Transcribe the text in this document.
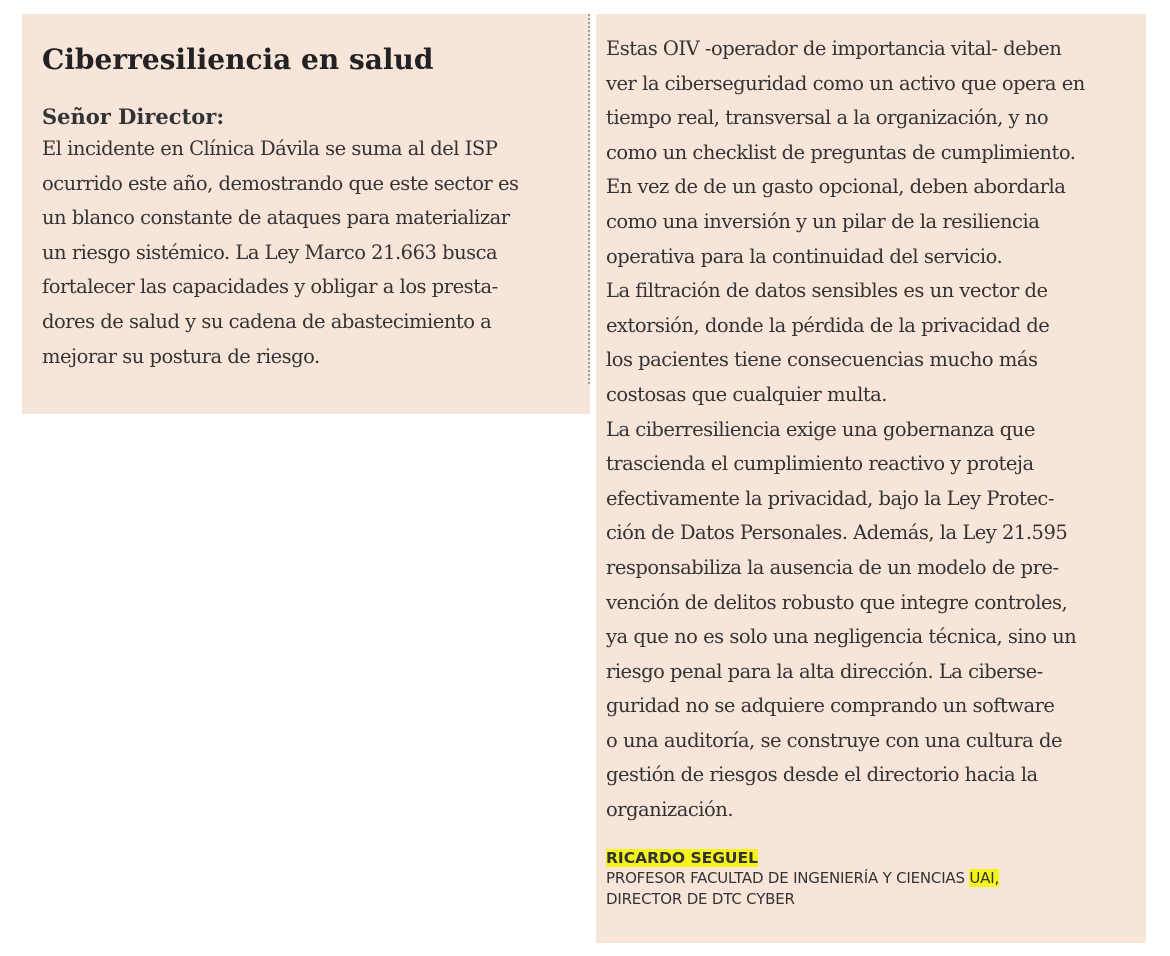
Ciberresiliencia en salud

Señor Director:

El incidente en Clínica Dávila se suma al del ISP
ocurrido este año, demostrando que este sector es
un blanco constante de ataques para materializar
un riesgo sistémico. La Ley Marco 21.663 busca
fortalecer las capacidades y obligar a los presta-
dores de salud y su cadena de abastecimiento a
mejorar su postura de riesgo.

Estas OIV -operador de importancia vital- deben
ver la ciberseguridad como un activo que opera en
tiempo real, transversal a la organización, y no
como un checklist de preguntas de cumplimiento.
En vez de de un gasto opcional, deben abordarla
como una inversión y un pilar de la resiliencia
operativa para la continuidad del servicio.
La filtración de datos sensibles es un vector de
extorsión, donde la pérdida de la privacidad de
los pacientes tiene consecuencias mucho más
costosas que cualquier multa.
La ciberresiliencia exige una gobernanza que
trascienda el cumplimiento reactivo y proteja
efectivamente la privacidad, bajo la Ley Protec-
ción de Datos Personales. Además, la Ley 21.595
responsabiliza la ausencia de un modelo de pre-
vención de delitos robusto que integre controles,
ya que no es solo una negligencia técnica, sino un
riesgo penal para la alta dirección. La ciberse-
guridad no se adquiere comprando un software
o una auditoría, se construye con una cultura de
gestión de riesgos desde el directorio hacia la
organización.

RICARDO SEGUEL
PROFESOR FACULTAD DE INGENIERÍA Y CIENCIAS UAI,
DIRECTOR DE DTC CYBER
